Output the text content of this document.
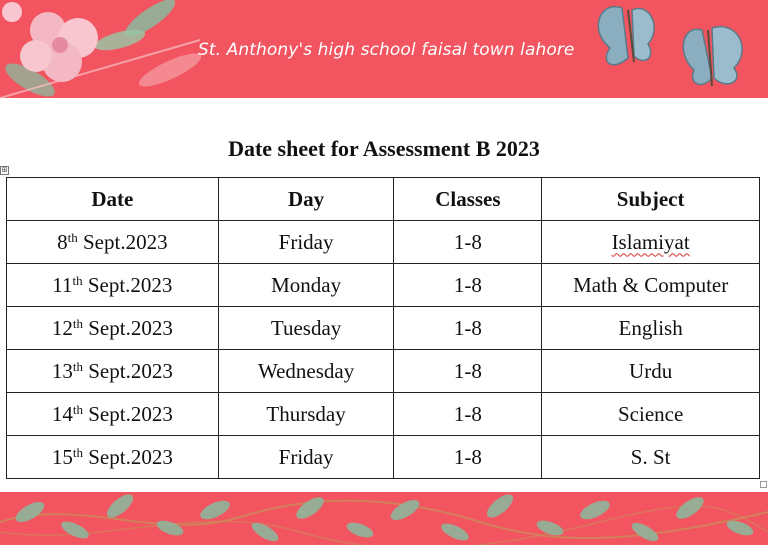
St. Anthony's high school faisal town lahore
Date sheet for Assessment B 2023
⊞
Date	Day	Classes	Subject
8th Sept.2023	Friday	1-8	Islamiyat
11th Sept.2023	Monday	1-8	Math & Computer
12th Sept.2023	Tuesday	1-8	English
13th Sept.2023	Wednesday	1-8	Urdu
14th Sept.2023	Thursday	1-8	Science
15th Sept.2023	Friday	1-8	S. St
